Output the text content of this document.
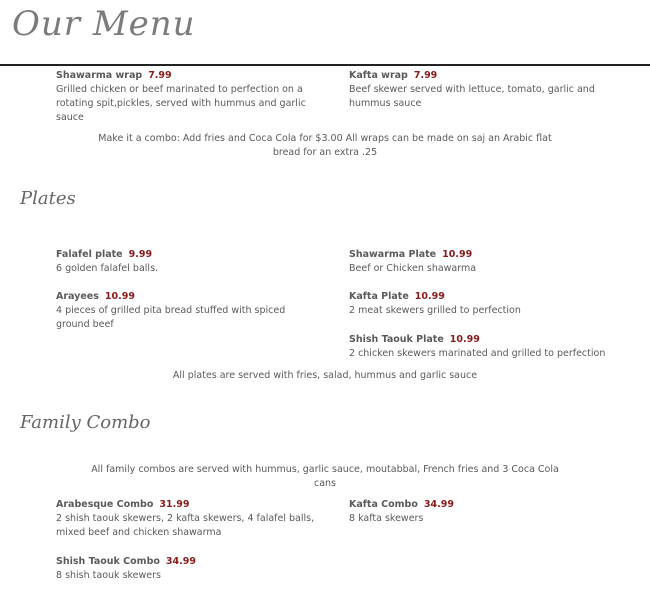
Our Menu
Shawarma wrap 7.99
Grilled chicken or beef marinated to perfection on a rotating spit,pickles, served with hummus and garlic sauce
Kafta wrap 7.99
Beef skewer served with lettuce, tomato, garlic and hummus sauce
Make it a combo: Add fries and Coca Cola for $3.00 All wraps can be made on saj an Arabic flat
bread for an extra .25
Plates
Falafel plate 9.99
6 golden falafel balls.
Shawarma Plate 10.99
Beef or Chicken shawarma
Arayees 10.99
4 pieces of grilled pita bread stuffed with spiced ground beef
Kafta Plate 10.99
2 meat skewers grilled to perfection
Shish Taouk Plate 10.99
2 chicken skewers marinated and grilled to perfection
All plates are served with fries, salad, hummus and garlic sauce
Family Combo
All family combos are served with hummus, garlic sauce, moutabbal, French fries and 3 Coca Cola
cans
Arabesque Combo 31.99
2 shish taouk skewers, 2 kafta skewers, 4 falafel balls, mixed beef and chicken shawarma
Kafta Combo 34.99
8 kafta skewers
Shish Taouk Combo 34.99
8 shish taouk skewers
